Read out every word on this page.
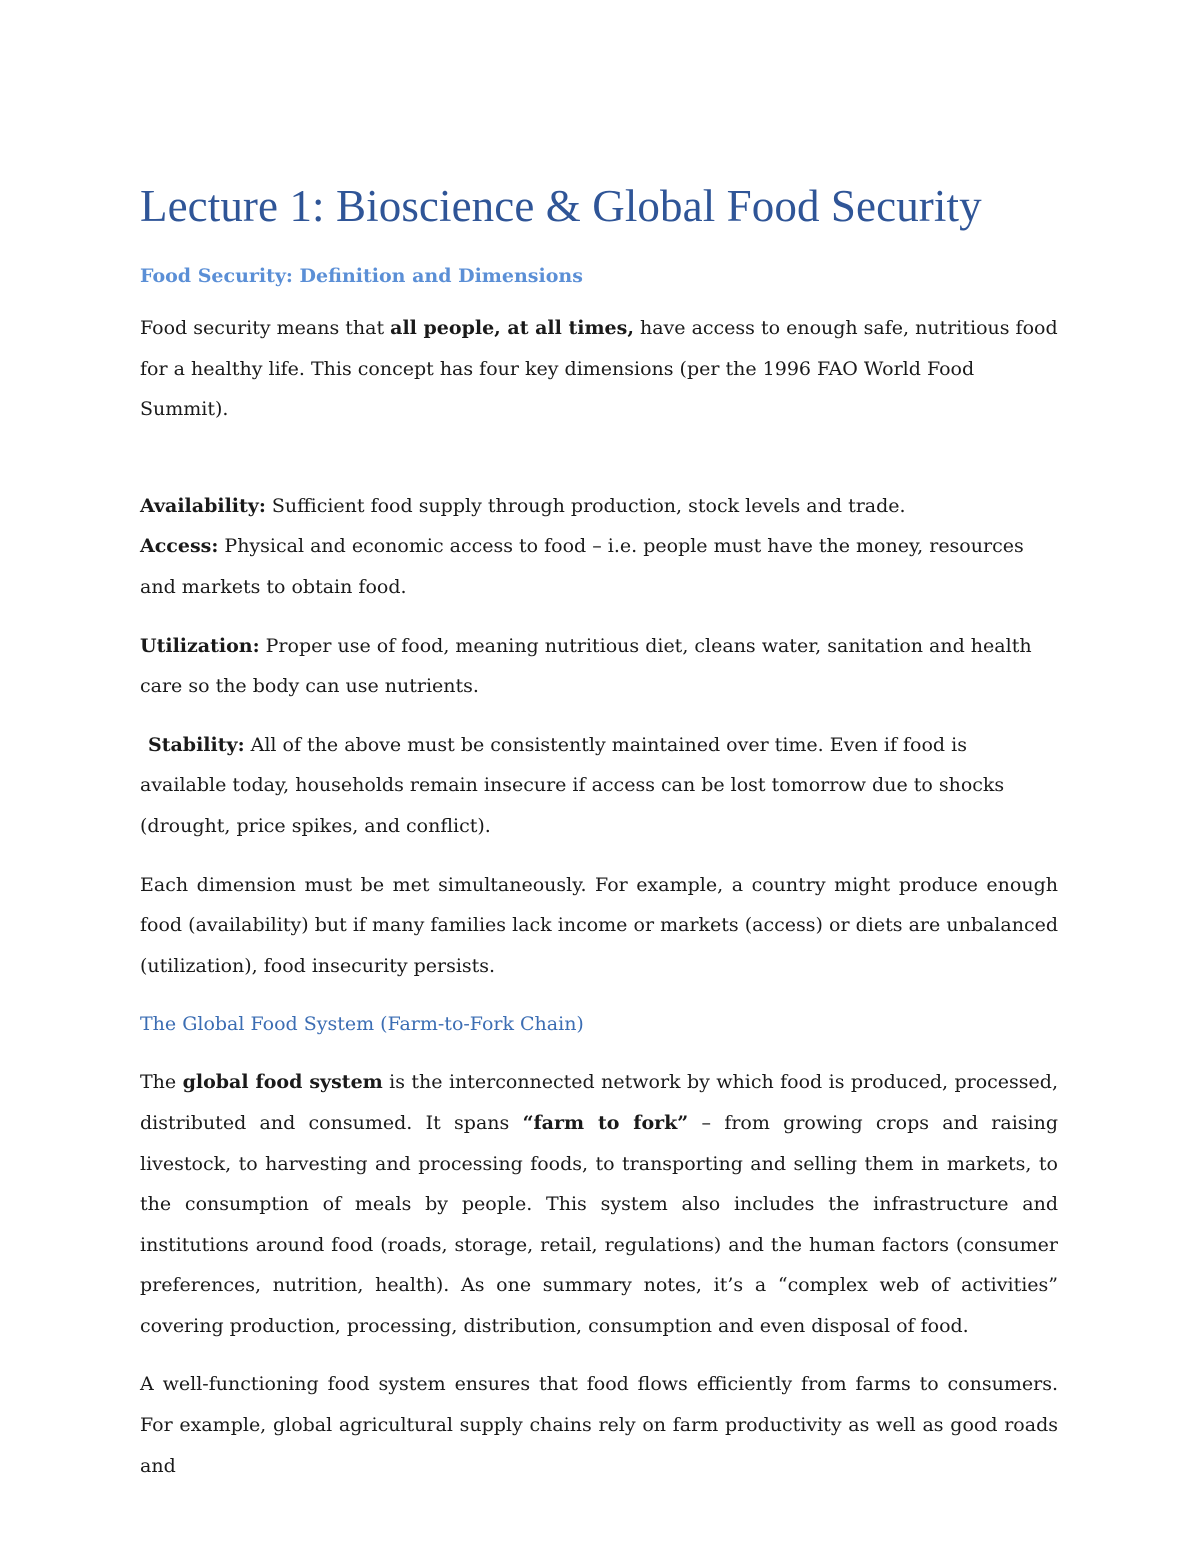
Lecture 1: Bioscience & Global Food Security
Food Security: Definition and Dimensions

Food security means that all people, at all times, have access to enough safe, nutritious food for a healthy life. This concept has four key dimensions (per the 1996 FAO World Food Summit).

Availability: Sufficient food supply through production, stock levels and trade.

Access: Physical and economic access to food – i.e. people must have the money, resources and markets to obtain food.

Utilization: Proper use of food, meaning nutritious diet, cleans water, sanitation and health care so the body can use nutrients.

Stability: All of the above must be consistently maintained over time. Even if food is available today, households remain insecure if access can be lost tomorrow due to shocks (drought, price spikes, and conflict).

Each dimension must be met simultaneously. For example, a country might produce enough food (availability) but if many families lack income or markets (access) or diets are unbalanced (utilization), food insecurity persists.

The Global Food System (Farm-to-Fork Chain)

The global food system is the interconnected network by which food is produced, processed, distributed and consumed. It spans “farm to fork” – from growing crops and raising livestock, to harvesting and processing foods, to transporting and selling them in markets, to the consumption of meals by people. This system also includes the infrastructure and institutions around food (roads, storage, retail, regulations) and the human factors (consumer preferences, nutrition, health). As one summary notes, it’s a “complex web of activities” covering production, processing, distribution, consumption and even disposal of food.

A well-functioning food system ensures that food flows efficiently from farms to consumers. For example, global agricultural supply chains rely on farm productivity as well as good roads and
